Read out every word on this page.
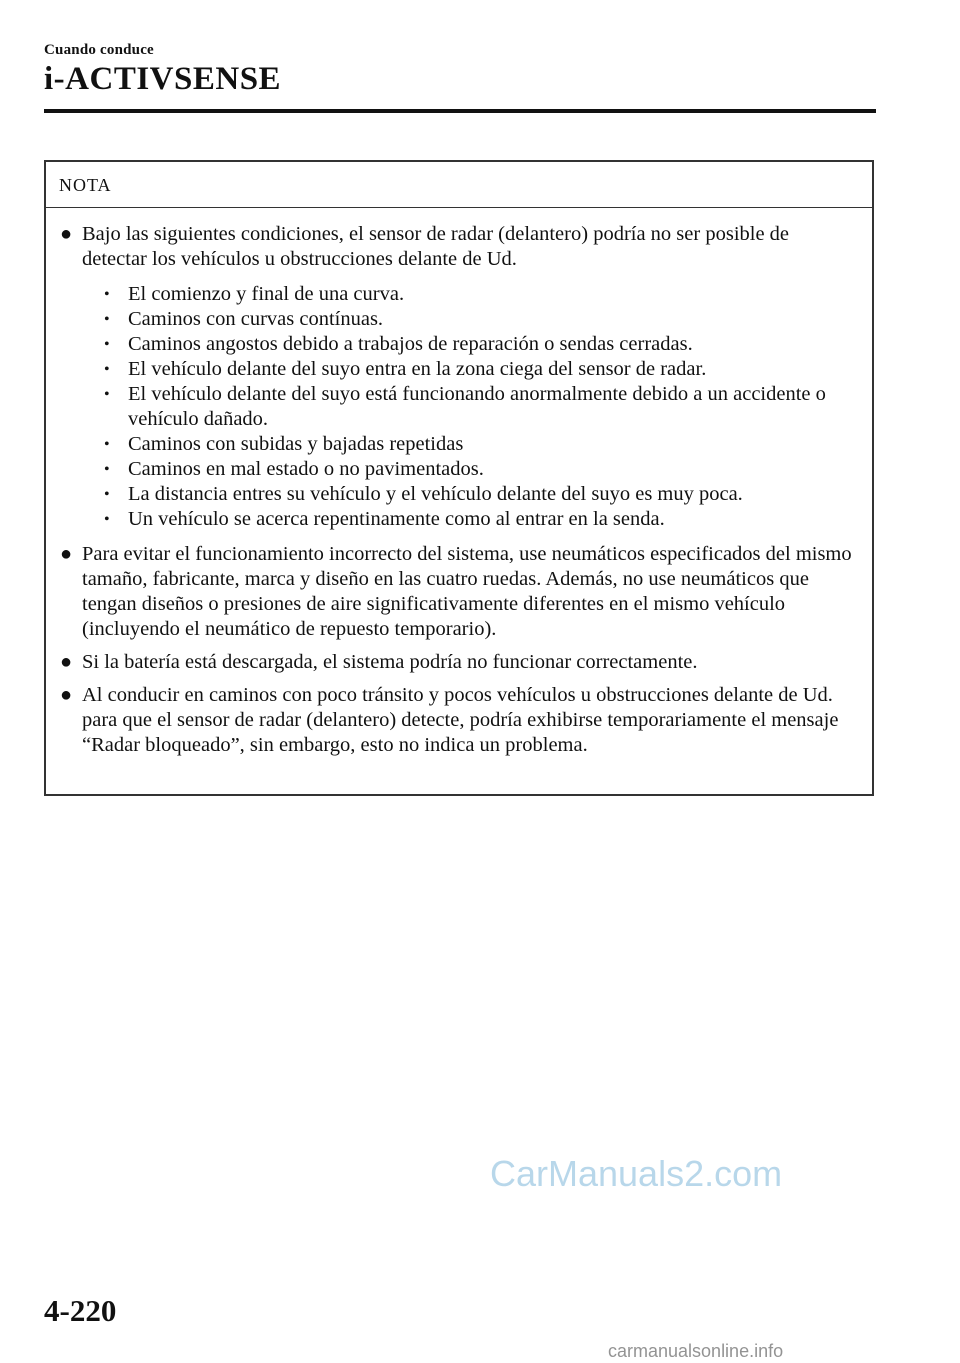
Cuando conduce
i-ACTIVSENSE
NOTA
● Bajo las siguientes condiciones, el sensor de radar (delantero) podría no ser posible de detectar los vehículos u obstrucciones delante de Ud.
• El comienzo y final de una curva.
• Caminos con curvas contínuas.
• Caminos angostos debido a trabajos de reparación o sendas cerradas.
• El vehículo delante del suyo entra en la zona ciega del sensor de radar.
• El vehículo delante del suyo está funcionando anormalmente debido a un accidente o vehículo dañado.
• Caminos con subidas y bajadas repetidas
• Caminos en mal estado o no pavimentados.
• La distancia entres su vehículo y el vehículo delante del suyo es muy poca.
• Un vehículo se acerca repentinamente como al entrar en la senda.
● Para evitar el funcionamiento incorrecto del sistema, use neumáticos especificados del mismo tamaño, fabricante, marca y diseño en las cuatro ruedas. Además, no use neumáticos que tengan diseños o presiones de aire significativamente diferentes en el mismo vehículo (incluyendo el neumático de repuesto temporario).
● Si la batería está descargada, el sistema podría no funcionar correctamente.
● Al conducir en caminos con poco tránsito y pocos vehículos u obstrucciones delante de Ud. para que el sensor de radar (delantero) detecte, podría exhibirse temporariamente el mensaje “Radar bloqueado”, sin embargo, esto no indica un problema.
CarManuals2.com
4-220
carmanualsonline.info
